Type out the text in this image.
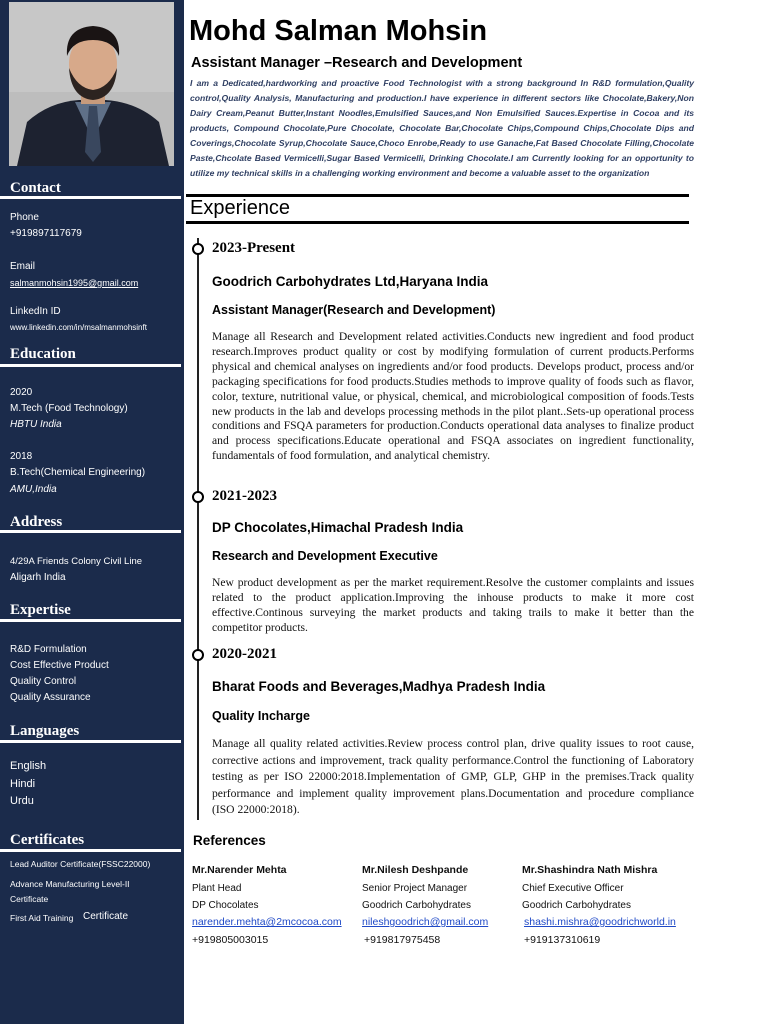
Contact
Phone
+919897117679
Email
salmanmohsin1995@gmail.com
LinkedIn ID
www.linkedin.com/in/msalmanmohsinft
Education
2020
M.Tech (Food Technology)
HBTU India
2018
B.Tech(Chemical Engineering)
AMU,India
Address
4/29A Friends Colony Civil Line
Aligarh India
Expertise
R&D Formulation
Cost Effective Product
Quality Control
Quality Assurance
Languages
English
Hindi
Urdu
Certificates
Lead Auditor Certificate(FSSC22000)
Advance Manufacturing Level-II
Certificate
First Aid Training Certificate
Mohd Salman Mohsin
Assistant Manager –Research and Development
I am a Dedicated,hardworking and proactive Food Technologist with a strong background In R&D formulation,Quality control,Quality Analysis, Manufacturing and production.I have experience in different sectors like Chocolate,Bakery,Non Dairy Cream,Peanut Butter,Instant Noodles,Emulsified Sauces,and Non Emulsified Sauces.Expertise in Cocoa and its products, Compound Chocolate,Pure Chocolate, Chocolate Bar,Chocolate Chips,Compound Chips,Chocolate Dips and Coverings,Chocolate Syrup,Chocolate Sauce,Choco Enrobe,Ready to use Ganache,Fat Based Chocolate Filling,Chocolate Paste,Chcolate Based Vermicelli,Sugar Based Vermicelli, Drinking Chocolate.I am Currently looking for an opportunity to utilize my technical skills in a challenging working environment and become a valuable asset to the organization
Experience
2023-Present
Goodrich Carbohydrates Ltd,Haryana India
Assistant Manager(Research and Development)
Manage all Research and Development related activities.Conducts new ingredient and food product research.Improves product quality or cost by modifying formulation of current products.Performs physical and chemical analyses on ingredients and/or food products. Develops product, process and/or packaging specifications for food products.Studies methods to improve quality of foods such as flavor, color, texture, nutritional value, or physical, chemical, and microbiological composition of foods.Tests new products in the lab and develops processing methods in the pilot plant..Sets-up operational process conditions and FSQA parameters for production.Conducts operational data analyses to finalize product and process specifications.Educate operational and FSQA associates on ingredient functionality, fundamentals of food formulation, and analytical chemistry.
2021-2023
DP Chocolates,Himachal Pradesh India
Research and Development Executive
New product development as per the market requirement.Resolve the customer complaints and issues related to the product application.Improving the inhouse products to make it more cost effective.Continous surveying the market products and taking trails to make it better than the competitor products.
2020-2021
Bharat Foods and Beverages,Madhya Pradesh India
Quality Incharge
Manage all quality related activities.Review process control plan, drive quality issues to root cause, corrective actions and improvement, track quality performance.Control the functioning of Laboratory testing as per ISO 22000:2018.Implementation of GMP, GLP, GHP in the premises.Track quality performance and implement quality improvement plans.Documentation and procedure compliance (ISO 22000:2018).
References
Mr.Narender Mehta
Plant Head
DP Chocolates
narender.mehta@2mcocoa.com
+919805003015
Mr.Nilesh Deshpande
Senior Project Manager
Goodrich Carbohydrates
nileshgoodrich@gmail.com
+919817975458
Mr.Shashindra Nath Mishra
Chief Executive Officer
Goodrich Carbohydrates
shashi.mishra@goodrichworld.in
+919137310619
